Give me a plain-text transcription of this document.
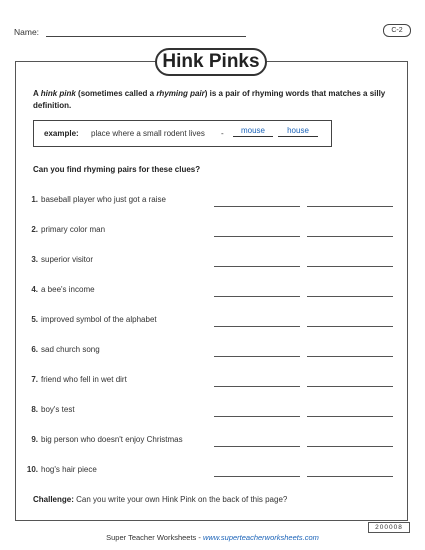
Name:	C-2
Hink Pinks
A hink pink (sometimes called a rhyming pair) is a pair of rhyming words that matches a silly definition.
example: place where a small rodent lives -	mouse	house
Can you find rhyming pairs for these clues?
1. baseball player who just got a raise
2. primary color man
3. superior visitor
4. a bee's income
5. improved symbol of the alphabet
6. sad church song
7. friend who fell in wet dirt
8. boy's test
9. big person who doesn't enjoy Christmas
10. hog's hair piece
Challenge: Can you write your own Hink Pink on the back of this page?
200008
Super Teacher Worksheets - www.superteacherworksheets.com
